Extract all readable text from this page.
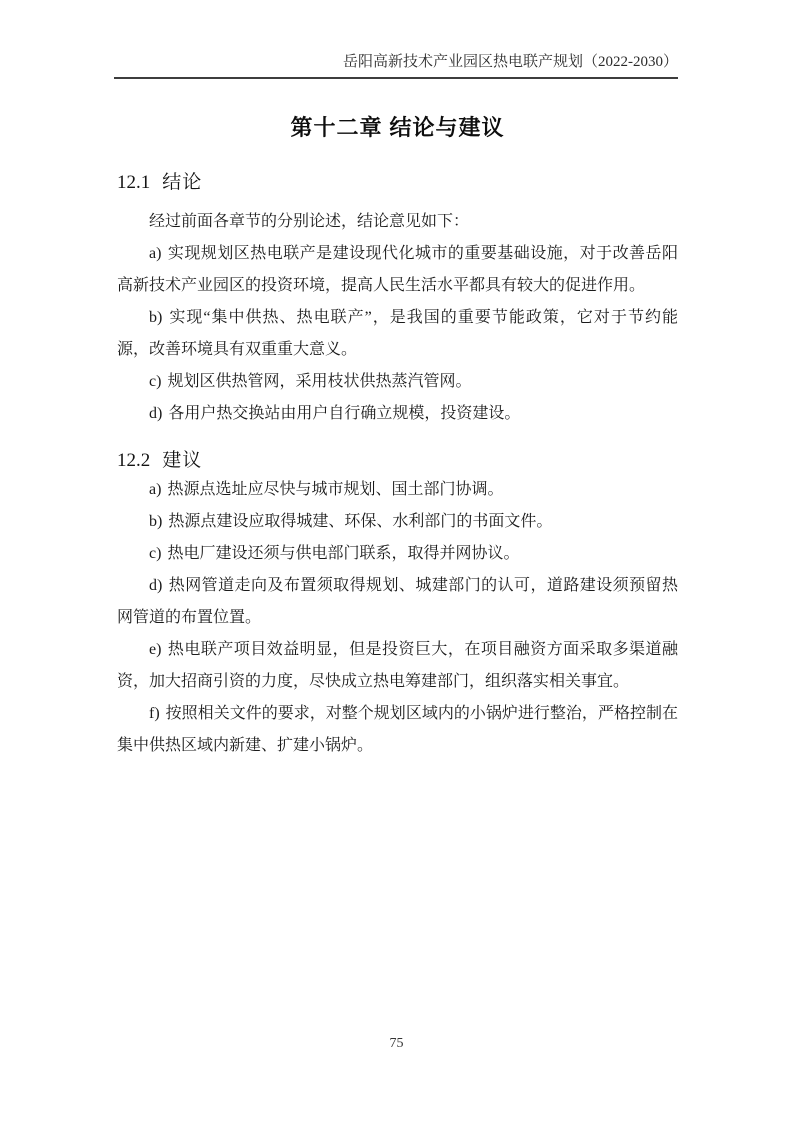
岳阳高新技术产业园区热电联产规划（2022-2030）
第十二章 结论与建议
12.1 结论

经过前面各章节的分别论述，结论意见如下：

a) 实现规划区热电联产是建设现代化城市的重要基础设施，对于改善岳阳高新技术产业园区的投资环境，提高人民生活水平都具有较大的促进作用。

b) 实现“集中供热、热电联产”，是我国的重要节能政策，它对于节约能源，改善环境具有双重重大意义。

c) 规划区供热管网，采用枝状供热蒸汽管网。

d) 各用户热交换站由用户自行确立规模，投资建设。

12.2 建议

a) 热源点选址应尽快与城市规划、国土部门协调。

b) 热源点建设应取得城建、环保、水利部门的书面文件。

c) 热电厂建设还须与供电部门联系，取得并网协议。

d) 热网管道走向及布置须取得规划、城建部门的认可，道路建设须预留热网管道的布置位置。

e) 热电联产项目效益明显，但是投资巨大，在项目融资方面采取多渠道融资，加大招商引资的力度，尽快成立热电筹建部门，组织落实相关事宜。

f) 按照相关文件的要求，对整个规划区域内的小锅炉进行整治，严格控制在集中供热区域内新建、扩建小锅炉。

75
